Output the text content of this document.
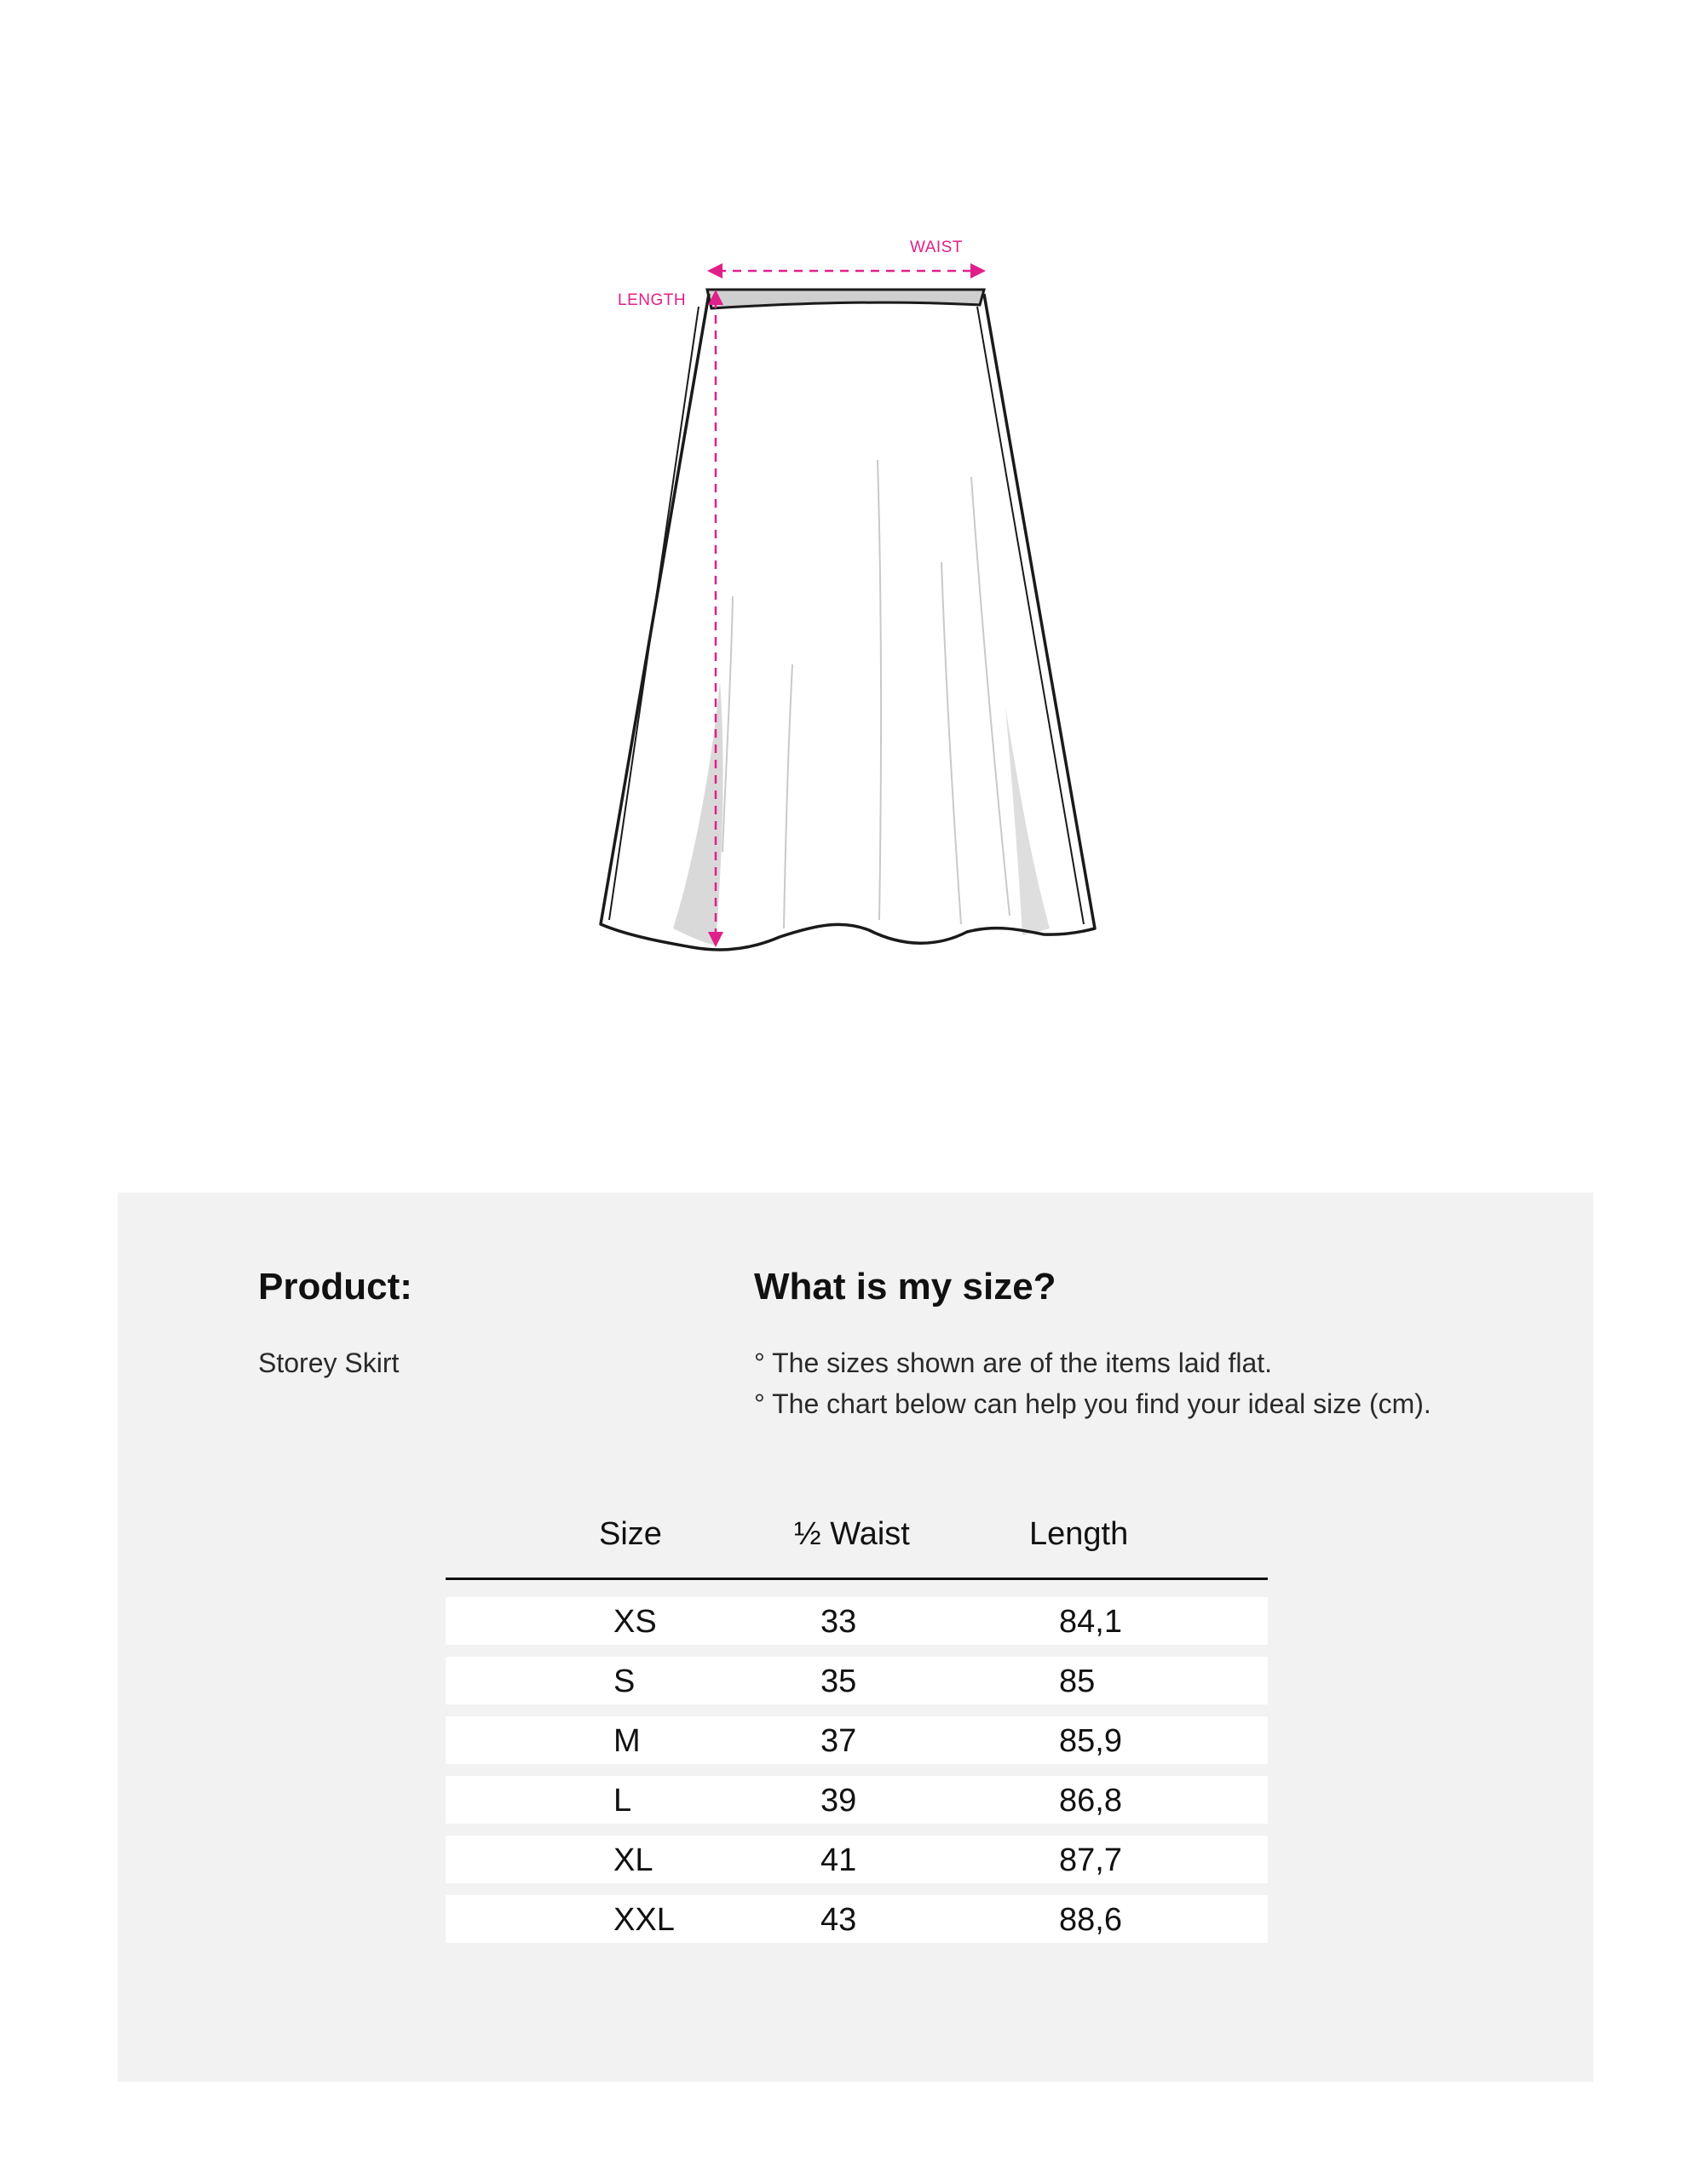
WAIST
LENGTH
Product:

Storey Skirt

What is my size?

° The sizes shown are of the items laid flat.

° The chart below can help you find your ideal size (cm).

Size	½ Waist	Length
XS	33	84,1
S	35	85
M	37	85,9
L	39	86,8
XL	41	87,7
XXL	43	88,6
